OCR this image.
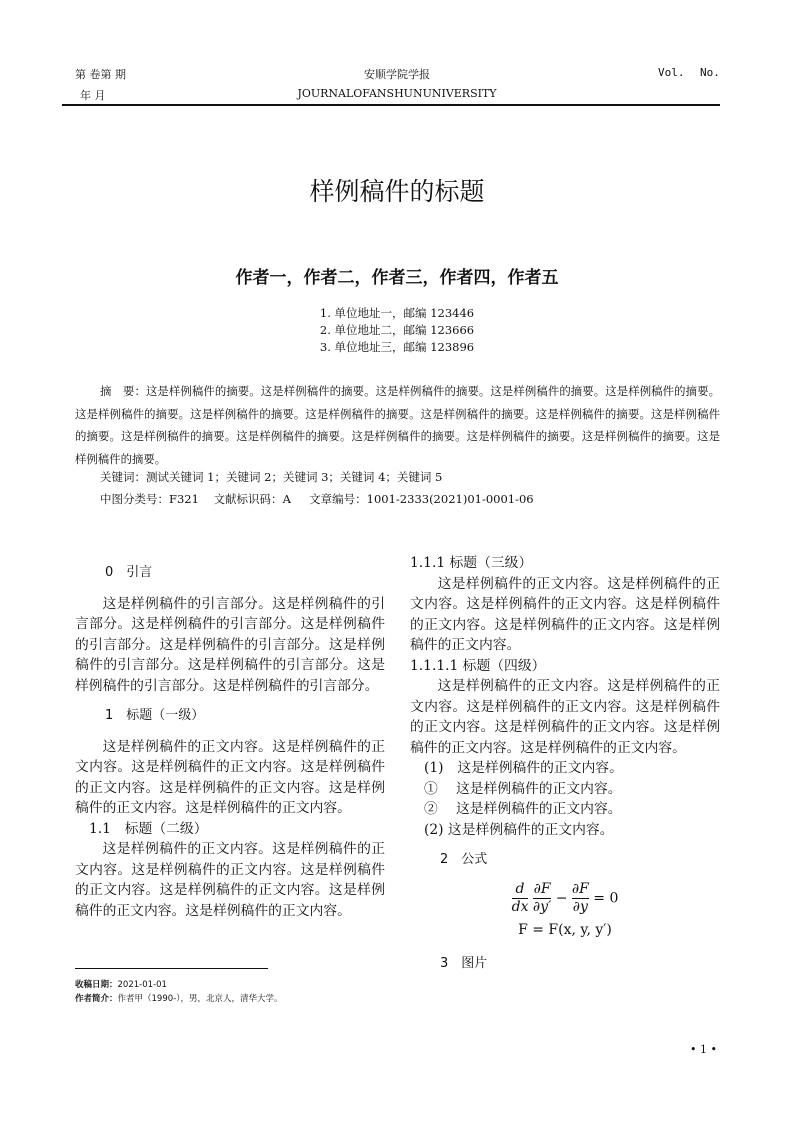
第 卷第 期
年 月
安顺学院学报
JOURNALOFANSHUNUNIVERSITY
Vol. No.
样例稿件的标题
作者一，作者二，作者三，作者四，作者五
1. 单位地址一，邮编 123446
2. 单位地址二，邮编 123666
3. 单位地址三，邮编 123896
摘　要：这是样例稿件的摘要。这是样例稿件的摘要。这是样例稿件的摘要。这是样例稿件的摘要。这是样例稿件的摘要。这是样例稿件的摘要。这是样例稿件的摘要。这是样例稿件的摘要。这是样例稿件的摘要。这是样例稿件的摘要。这是样例稿件的摘要。这是样例稿件的摘要。这是样例稿件的摘要。这是样例稿件的摘要。这是样例稿件的摘要。这是样例稿件的摘要。这是样例稿件的摘要。
关键词：测试关键词 1；关键词 2；关键词 3；关键词 4；关键词 5
中图分类号：F321 文献标识码：A 文章编号：1001-2333(2021)01-0001-06
0　引言

这是样例稿件的引言部分。这是样例稿件的引言部分。这是样例稿件的引言部分。这是样例稿件的引言部分。这是样例稿件的引言部分。这是样例稿件的引言部分。这是样例稿件的引言部分。这是样例稿件的引言部分。这是样例稿件的引言部分。

1　标题（一级）

这是样例稿件的正文内容。这是样例稿件的正文内容。这是样例稿件的正文内容。这是样例稿件的正文内容。这是样例稿件的正文内容。这是样例稿件的正文内容。这是样例稿件的正文内容。

1.1　标题（二级）

这是样例稿件的正文内容。这是样例稿件的正文内容。这是样例稿件的正文内容。这是样例稿件的正文内容。这是样例稿件的正文内容。这是样例稿件的正文内容。这是样例稿件的正文内容。

1.1.1 标题（三级）

这是样例稿件的正文内容。这是样例稿件的正文内容。这是样例稿件的正文内容。这是样例稿件的正文内容。这是样例稿件的正文内容。这是样例稿件的正文内容。

1.1.1.1 标题（四级）

这是样例稿件的正文内容。这是样例稿件的正文内容。这是样例稿件的正文内容。这是样例稿件的正文内容。这是样例稿件的正文内容。这是样例稿件的正文内容。这是样例稿件的正文内容。

(1)　这是样例稿件的正文内容。
①　 这是样例稿件的正文内容。
②　 这是样例稿件的正文内容。
(2) 这是样例稿件的正文内容。
2　公式
$\frac{d}{dx}$
$\frac{\partial F}{\partial y'} - \frac{\partial F}{\partial y} = 0$
F = F(x, y, y′)
3　图片
收稿日期：2021-01-01
作者简介：作者甲（1990-），男，北京人，清华大学。
• 1 •
